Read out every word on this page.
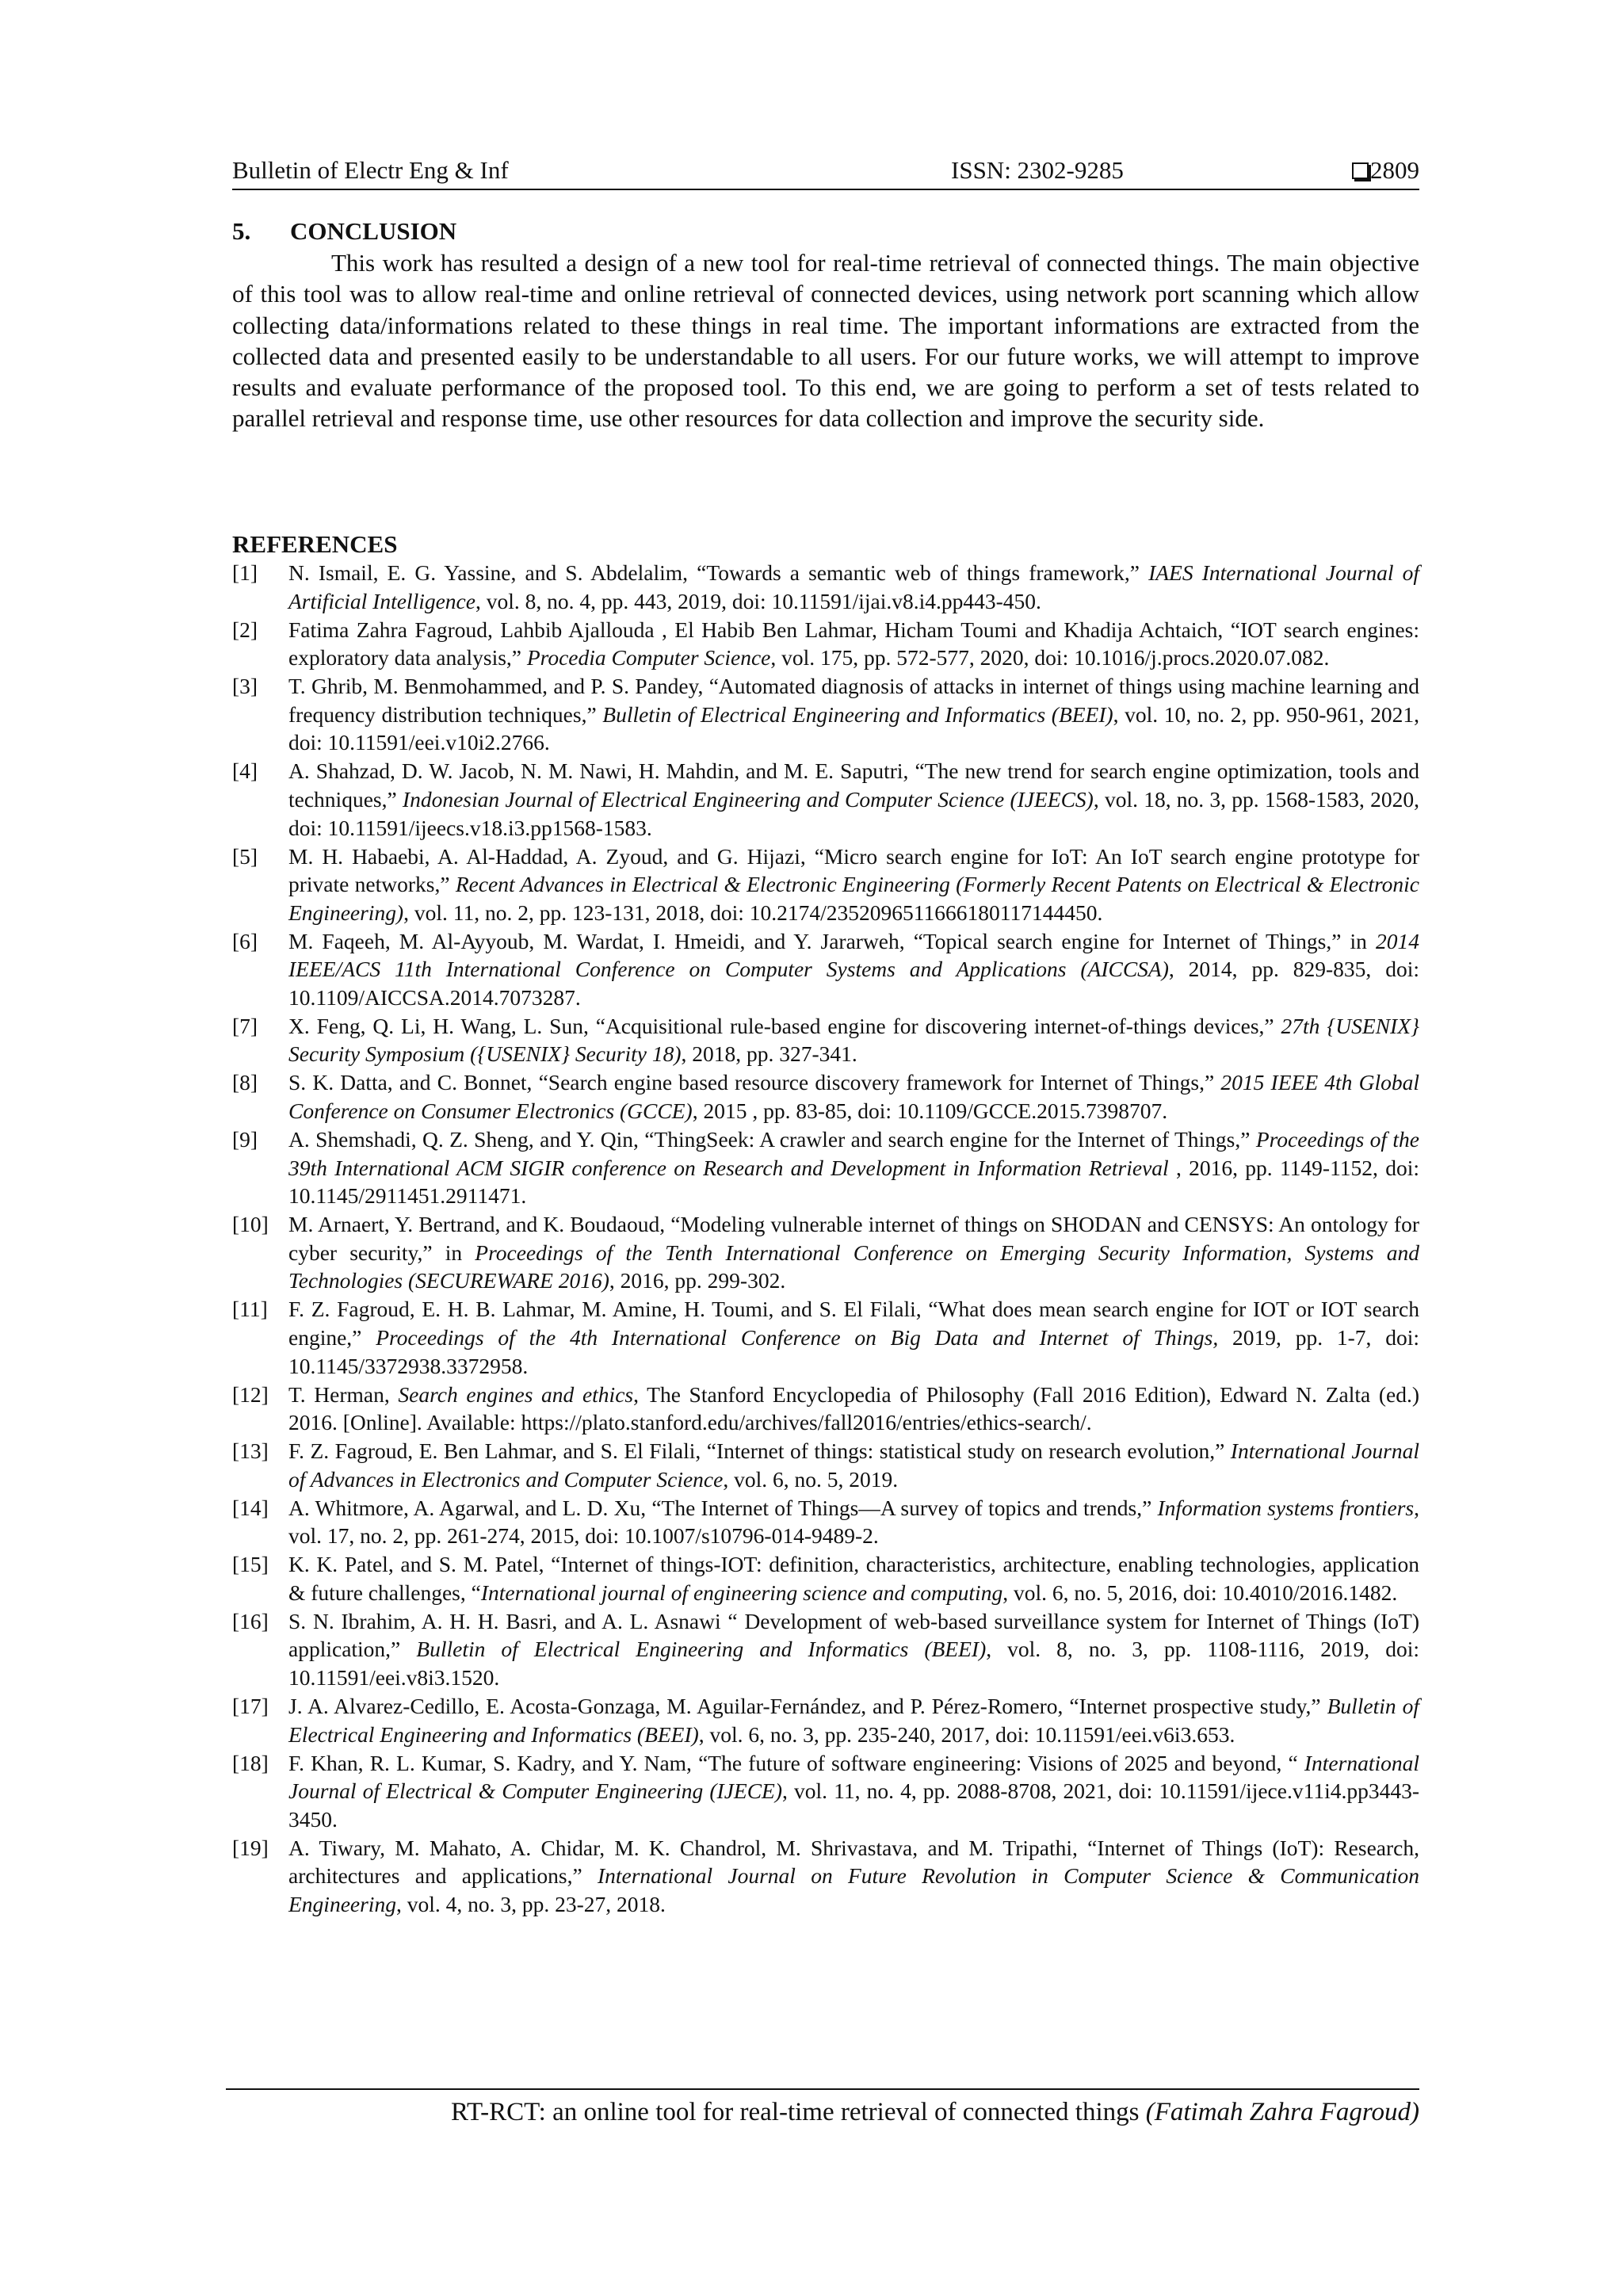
Bulletin of Electr Eng & Inf	ISSN: 2302-9285	2809
5. CONCLUSION

This work has resulted a design of a new tool for real-time retrieval of connected things. The main objective of this tool was to allow real-time and online retrieval of connected devices, using network port scanning which allow collecting data/informations related to these things in real time. The important informations are extracted from the collected data and presented easily to be understandable to all users. For our future works, we will attempt to improve results and evaluate performance of the proposed tool. To this end, we are going to perform a set of tests related to parallel retrieval and response time, use other resources for data collection and improve the security side.

REFERENCES
[1] N. Ismail, E. G. Yassine, and S. Abdelalim, “Towards a semantic web of things framework,” IAES International Journal of Artificial Intelligence, vol. 8, no. 4, pp. 443, 2019, doi: 10.11591/ijai.v8.i4.pp443-450.
[2] Fatima Zahra Fagroud, Lahbib Ajallouda , El Habib Ben Lahmar, Hicham Toumi and Khadija Achtaich, “IOT search engines: exploratory data analysis,” Procedia Computer Science, vol. 175, pp. 572-577, 2020, doi: 10.1016/j.procs.2020.07.082.
[3] T. Ghrib, M. Benmohammed, and P. S. Pandey, “Automated diagnosis of attacks in internet of things using machine learning and frequency distribution techniques,” Bulletin of Electrical Engineering and Informatics (BEEI), vol. 10, no. 2, pp. 950-961, 2021, doi: 10.11591/eei.v10i2.2766.
[4] A. Shahzad, D. W. Jacob, N. M. Nawi, H. Mahdin, and M. E. Saputri, “The new trend for search engine optimization, tools and techniques,” Indonesian Journal of Electrical Engineering and Computer Science (IJEECS), vol. 18, no. 3, pp. 1568-1583, 2020, doi: 10.11591/ijeecs.v18.i3.pp1568-1583.
[5] M. H. Habaebi, A. Al-Haddad, A. Zyoud, and G. Hijazi, “Micro search engine for IoT: An IoT search engine prototype for private networks,” Recent Advances in Electrical & Electronic Engineering (Formerly Recent Patents on Electrical & Electronic Engineering), vol. 11, no. 2, pp. 123-131, 2018, doi: 10.2174/2352096511666180117144450.
[6] M. Faqeeh, M. Al-Ayyoub, M. Wardat, I. Hmeidi, and Y. Jararweh, “Topical search engine for Internet of Things,” in 2014 IEEE/ACS 11th International Conference on Computer Systems and Applications (AICCSA), 2014, pp. 829-835, doi: 10.1109/AICCSA.2014.7073287.
[7] X. Feng, Q. Li, H. Wang, L. Sun, “Acquisitional rule-based engine for discovering internet-of-things devices,” 27th {USENIX} Security Symposium ({USENIX} Security 18), 2018, pp. 327-341.
[8] S. K. Datta, and C. Bonnet, “Search engine based resource discovery framework for Internet of Things,” 2015 IEEE 4th Global Conference on Consumer Electronics (GCCE), 2015 , pp. 83-85, doi: 10.1109/GCCE.2015.7398707.
[9] A. Shemshadi, Q. Z. Sheng, and Y. Qin, “ThingSeek: A crawler and search engine for the Internet of Things,” Proceedings of the 39th International ACM SIGIR conference on Research and Development in Information Retrieval , 2016, pp. 1149-1152, doi: 10.1145/2911451.2911471.
[10] M. Arnaert, Y. Bertrand, and K. Boudaoud, “Modeling vulnerable internet of things on SHODAN and CENSYS: An ontology for cyber security,” in Proceedings of the Tenth International Conference on Emerging Security Information, Systems and Technologies (SECUREWARE 2016), 2016, pp. 299-302.
[11] F. Z. Fagroud, E. H. B. Lahmar, M. Amine, H. Toumi, and S. El Filali, “What does mean search engine for IOT or IOT search engine,” Proceedings of the 4th International Conference on Big Data and Internet of Things, 2019, pp. 1-7, doi: 10.1145/3372938.3372958.
[12] T. Herman, Search engines and ethics, The Stanford Encyclopedia of Philosophy (Fall 2016 Edition), Edward N. Zalta (ed.) 2016. [Online]. Available: https://plato.stanford.edu/archives/fall2016/entries/ethics-search/.
[13] F. Z. Fagroud, E. Ben Lahmar, and S. El Filali, “Internet of things: statistical study on research evolution,” International Journal of Advances in Electronics and Computer Science, vol. 6, no. 5, 2019.
[14] A. Whitmore, A. Agarwal, and L. D. Xu, “The Internet of Things—A survey of topics and trends,” Information systems frontiers, vol. 17, no. 2, pp. 261-274, 2015, doi: 10.1007/s10796-014-9489-2.
[15] K. K. Patel, and S. M. Patel, “Internet of things-IOT: definition, characteristics, architecture, enabling technologies, application & future challenges, “International journal of engineering science and computing, vol. 6, no. 5, 2016, doi: 10.4010/2016.1482.
[16] S. N. Ibrahim, A. H. H. Basri, and A. L. Asnawi “ Development of web-based surveillance system for Internet of Things (IoT) application,” Bulletin of Electrical Engineering and Informatics (BEEI), vol. 8, no. 3, pp. 1108-1116, 2019, doi: 10.11591/eei.v8i3.1520.
[17] J. A. Alvarez-Cedillo, E. Acosta-Gonzaga, M. Aguilar-Fernández, and P. Pérez-Romero, “Internet prospective study,” Bulletin of Electrical Engineering and Informatics (BEEI), vol. 6, no. 3, pp. 235-240, 2017, doi: 10.11591/eei.v6i3.653.
[18] F. Khan, R. L. Kumar, S. Kadry, and Y. Nam, “The future of software engineering: Visions of 2025 and beyond, “ International Journal of Electrical & Computer Engineering (IJECE), vol. 11, no. 4, pp. 2088-8708, 2021, doi: 10.11591/ijece.v11i4.pp3443-3450.
[19] A. Tiwary, M. Mahato, A. Chidar, M. K. Chandrol, M. Shrivastava, and M. Tripathi, “Internet of Things (IoT): Research, architectures and applications,” International Journal on Future Revolution in Computer Science & Communication Engineering, vol. 4, no. 3, pp. 23-27, 2018.
RT-RCT: an online tool for real-time retrieval of connected things (Fatimah Zahra Fagroud)
